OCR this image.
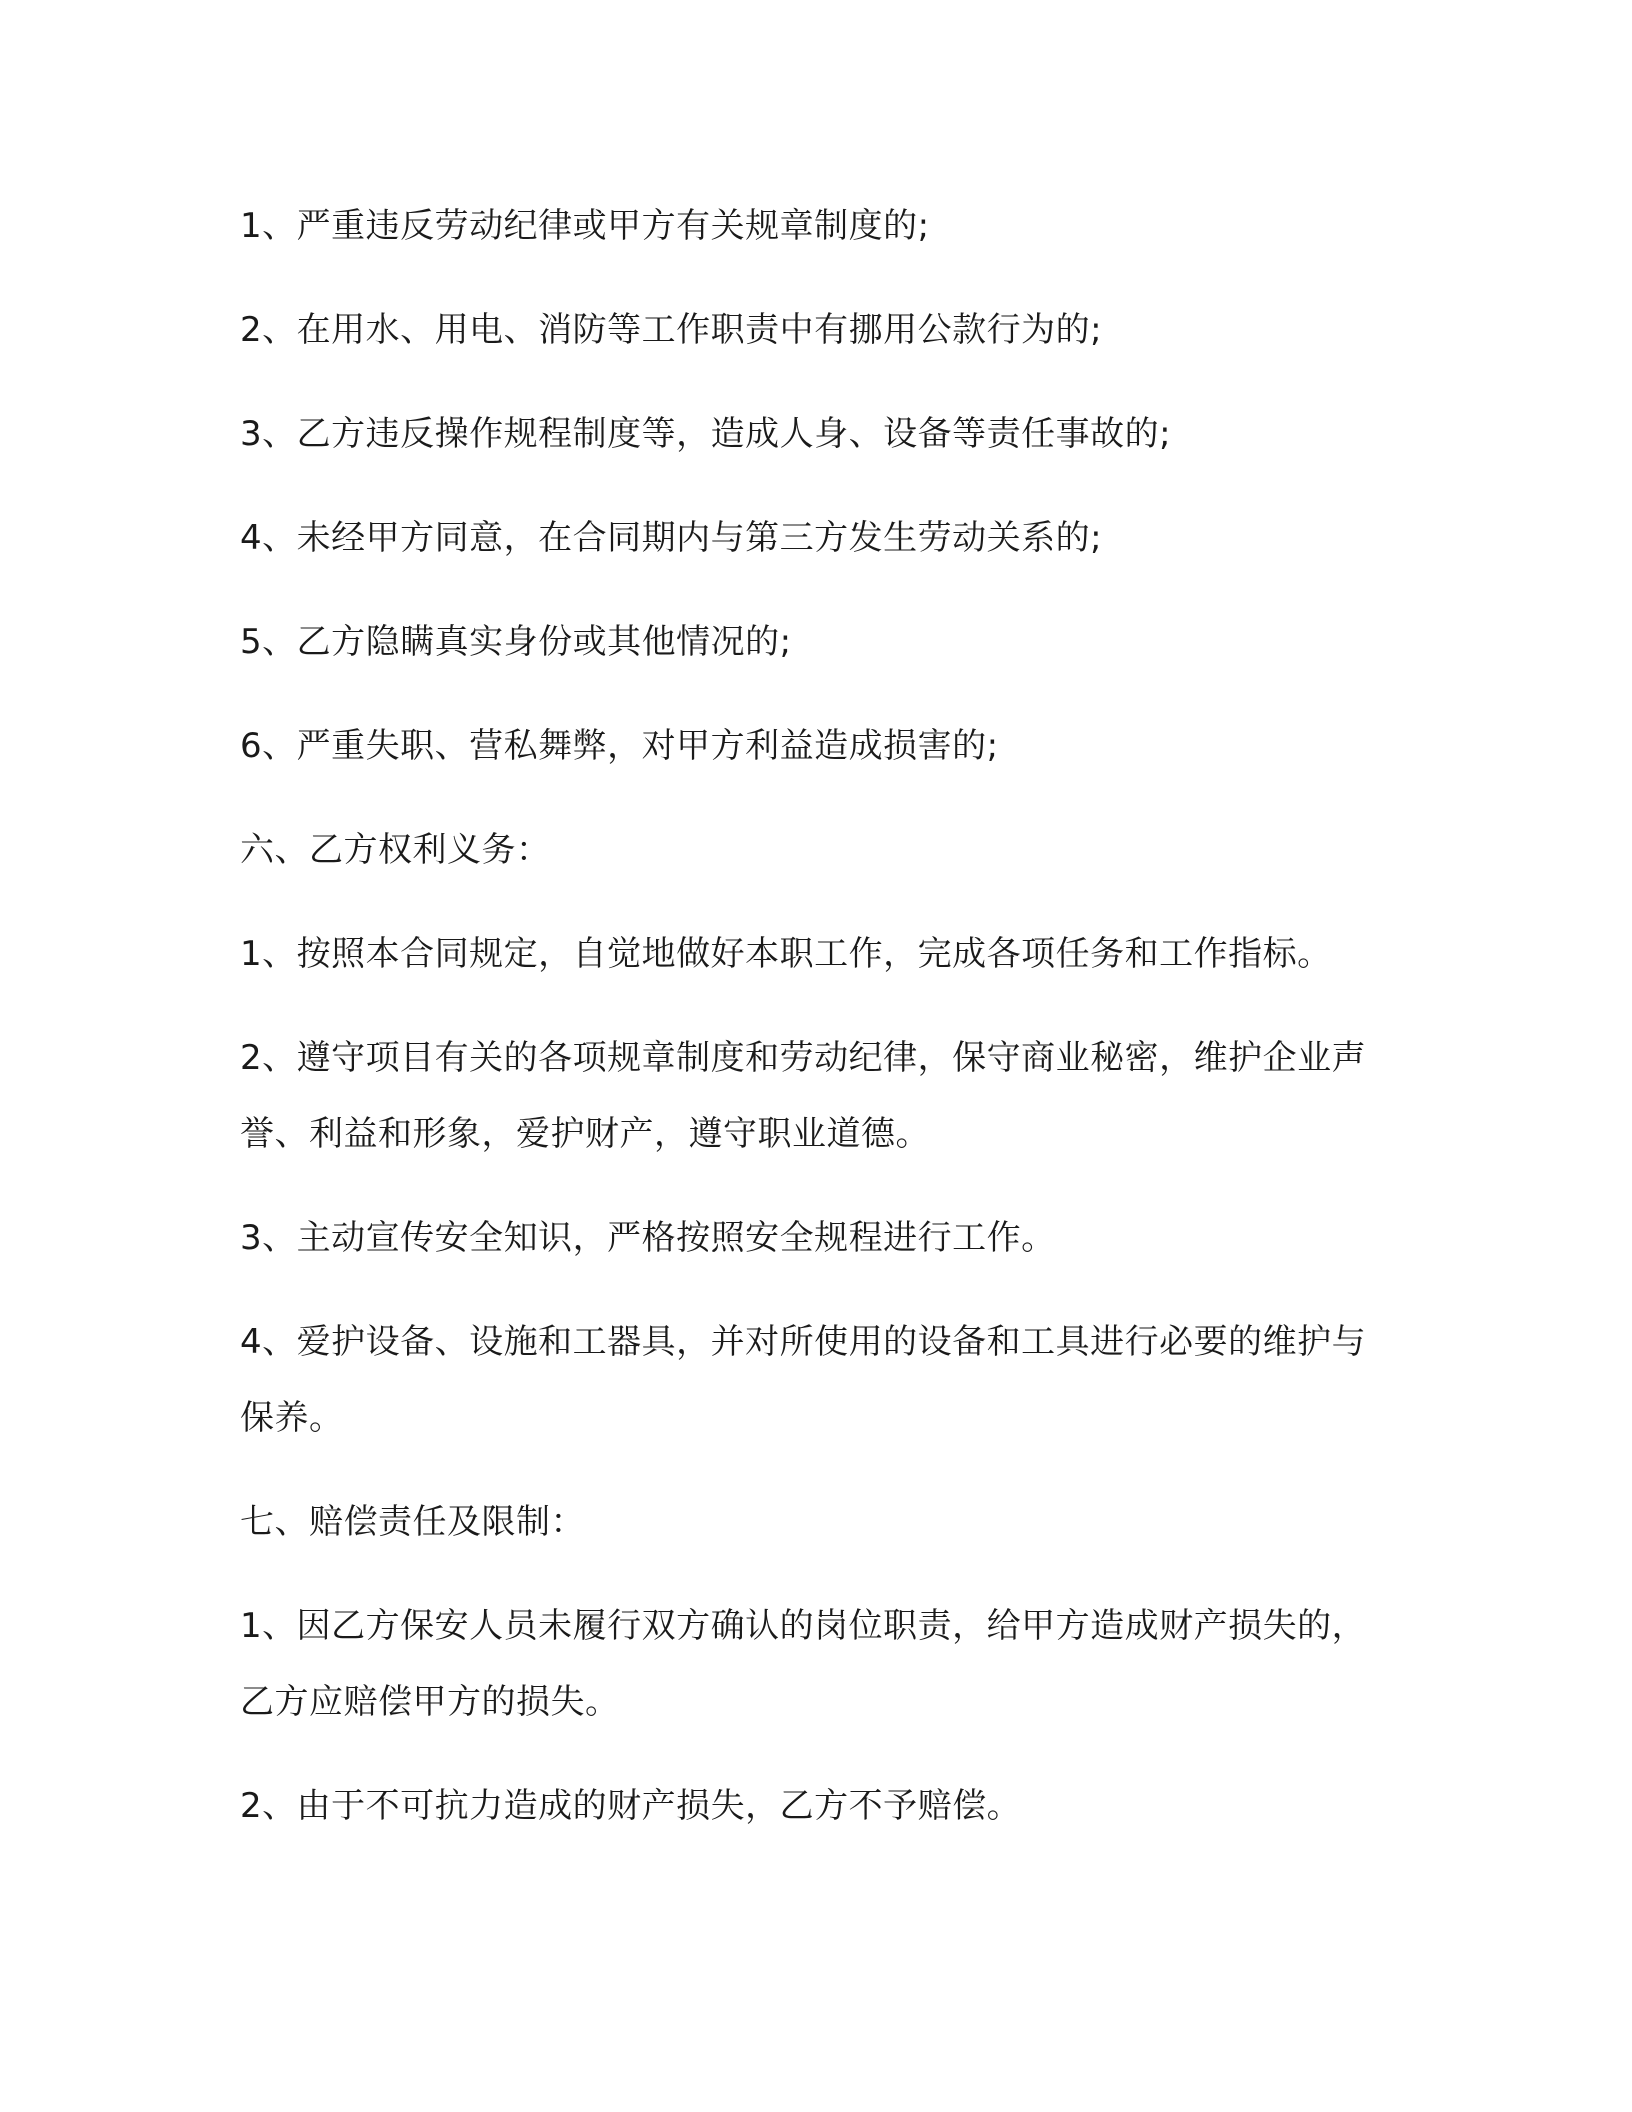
1、严重违反劳动纪律或甲方有关规章制度的;

2、在用水、用电、消防等工作职责中有挪用公款行为的;

3、乙方违反操作规程制度等，造成人身、设备等责任事故的;

4、未经甲方同意，在合同期内与第三方发生劳动关系的;

5、乙方隐瞒真实身份或其他情况的;

6、严重失职、营私舞弊，对甲方利益造成损害的;

六、乙方权利义务：

1、按照本合同规定，自觉地做好本职工作，完成各项任务和工作指标。

2、遵守项目有关的各项规章制度和劳动纪律，保守商业秘密，维护企业声誉、利益和形象，爱护财产，遵守职业道德。

3、主动宣传安全知识，严格按照安全规程进行工作。

4、爱护设备、设施和工器具，并对所使用的设备和工具进行必要的维护与保养。

七、赔偿责任及限制：

1、因乙方保安人员未履行双方确认的岗位职责，给甲方造成财产损失的，乙方应赔偿甲方的损失。

2、由于不可抗力造成的财产损失，乙方不予赔偿。
